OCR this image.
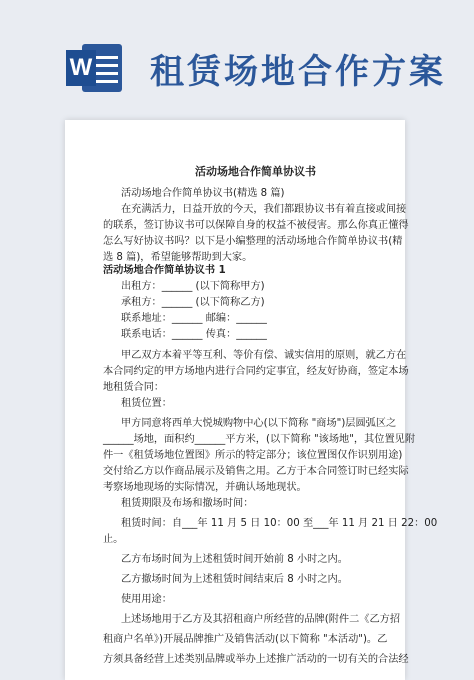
W 租赁场地合作方案
活动场地合作简单协议书
活动场地合作简单协议书(精选 8 篇)
在充满活力，日益开放的今天，我们都跟协议书有着直接或间接
的联系，签订协议书可以保障自身的权益不被侵害。那么你真正懂得
怎么写好协议书吗？以下是小编整理的活动场地合作简单协议书(精
选 8 篇)，希望能够帮助到大家。
活动场地合作简单协议书 1
出租方：______ (以下简称甲方)
承租方：______ (以下简称乙方)
联系地址：______ 邮编：______
联系电话：______ 传真：______
甲乙双方本着平等互利、等价有偿、诚实信用的原则，就乙方在
本合同约定的甲方场地内进行合同约定事宜，经友好协商，签定本场
地租赁合同：
租赁位置：
甲方同意将西单大悦城购物中心(以下简称 "商场")层圆弧区之
______场地，面积约______平方米，(以下简称 "该场地"，其位置见附
件一《租赁场地位置图》所示的特定部分；该位置图仅作识别用途)
交付给乙方以作商品展示及销售之用。乙方于本合同签订时已经实际
考察场地现场的实际情况，并确认场地现状。
租赁期限及布场和撤场时间：
租赁时间：自___年 11 月 5 日 10：00 至___年 11 月 21 日 22：00
止。
乙方布场时间为上述租赁时间开始前 8 小时之内。
乙方撤场时间为上述租赁时间结束后 8 小时之内。
使用用途：
上述场地用于乙方及其招租商户所经营的品牌(附件二《乙方招
租商户名单》)开展品牌推广及销售活动(以下简称 "本活动")。乙
方须具备经营上述类别品牌或举办上述推广活动的一切有关的合法经
